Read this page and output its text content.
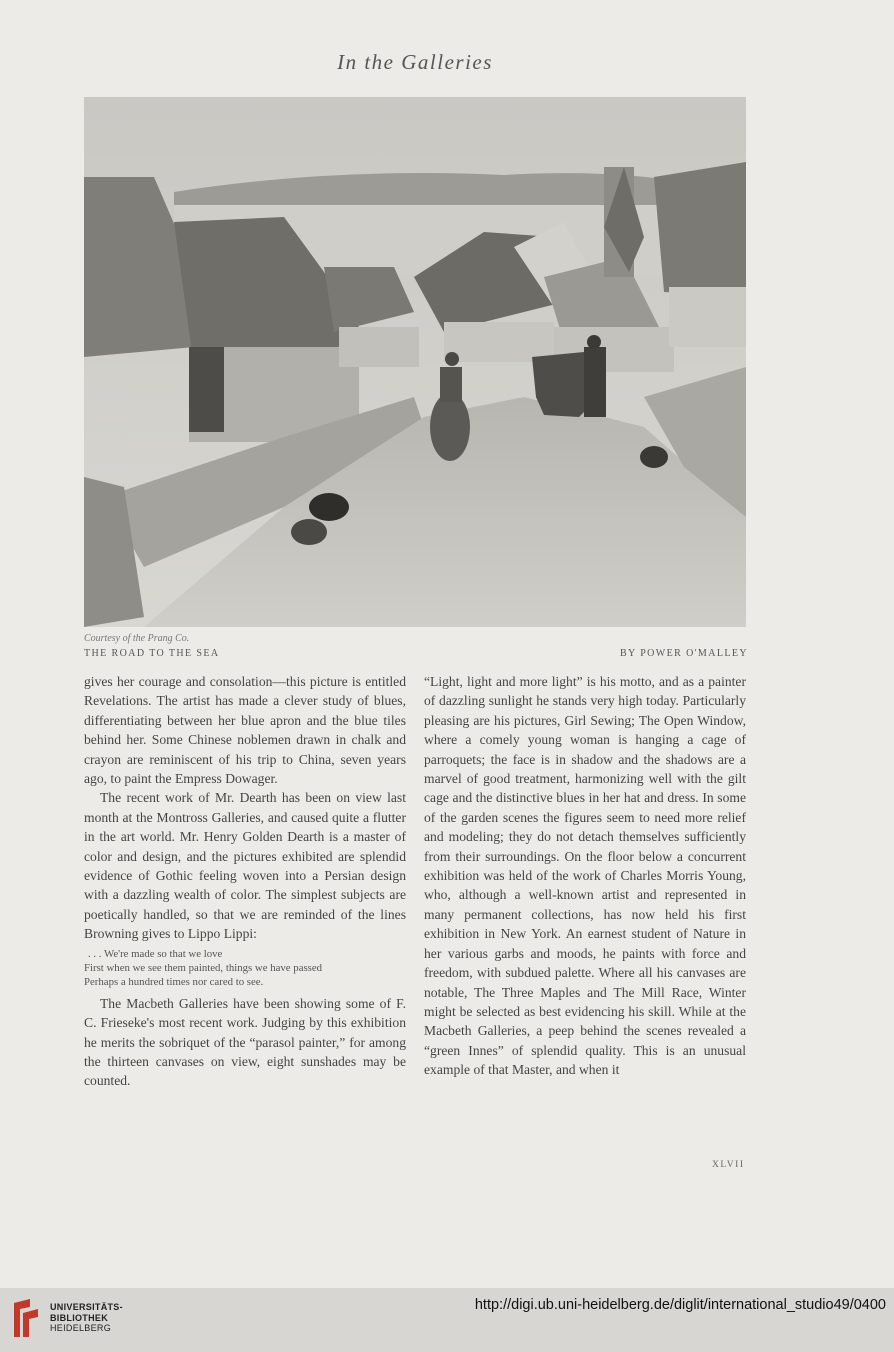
In the Galleries
Courtesy of the Prang Co.
THE ROAD TO THE SEA	BY POWER O'MALLEY

gives her courage and consolation—this picture is entitled Revelations. The artist has made a clever study of blues, differentiating between her blue apron and the blue tiles behind her. Some Chinese noblemen drawn in chalk and crayon are reminiscent of his trip to China, seven years ago, to paint the Empress Dowager.

The recent work of Mr. Dearth has been on view last month at the Montross Galleries, and caused quite a flutter in the art world. Mr. Henry Golden Dearth is a master of color and design, and the pictures exhibited are splendid evidence of Gothic feeling woven into a Persian design with a dazzling wealth of color. The simplest subjects are poetically handled, so that we are reminded of the lines Browning gives to Lippo Lippi:

. . . We're made so that we love
First when we see them painted, things we have passed
Perhaps a hundred times nor cared to see.

The Macbeth Galleries have been showing some of F. C. Frieseke's most recent work. Judging by this exhibition he merits the sobriquet of the “parasol painter,” for among the thirteen canvases on view, eight sunshades may be counted.

“Light, light and more light” is his motto, and as a painter of dazzling sunlight he stands very high today. Particularly pleasing are his pictures, Girl Sewing; The Open Window, where a comely young woman is hanging a cage of parroquets; the face is in shadow and the shadows are a marvel of good treatment, harmonizing well with the gilt cage and the distinctive blues in her hat and dress. In some of the garden scenes the figures seem to need more relief and modeling; they do not detach themselves sufficiently from their surroundings. On the floor below a concurrent exhibition was held of the work of Charles Morris Young, who, although a well-known artist and represented in many permanent collections, has now held his first exhibition in New York. An earnest student of Nature in her various garbs and moods, he paints with force and freedom, with subdued palette. Where all his canvases are notable, The Three Maples and The Mill Race, Winter might be selected as best evidencing his skill. While at the Macbeth Galleries, a peep behind the scenes revealed a “green Innes” of splendid quality. This is an unusual example of that Master, and when it

XLVII
UNIVERSITÄTS-
BIBLIOTHEK
HEIDELBERG
http://digi.ub.uni-heidelberg.de/diglit/international_studio49/0400
